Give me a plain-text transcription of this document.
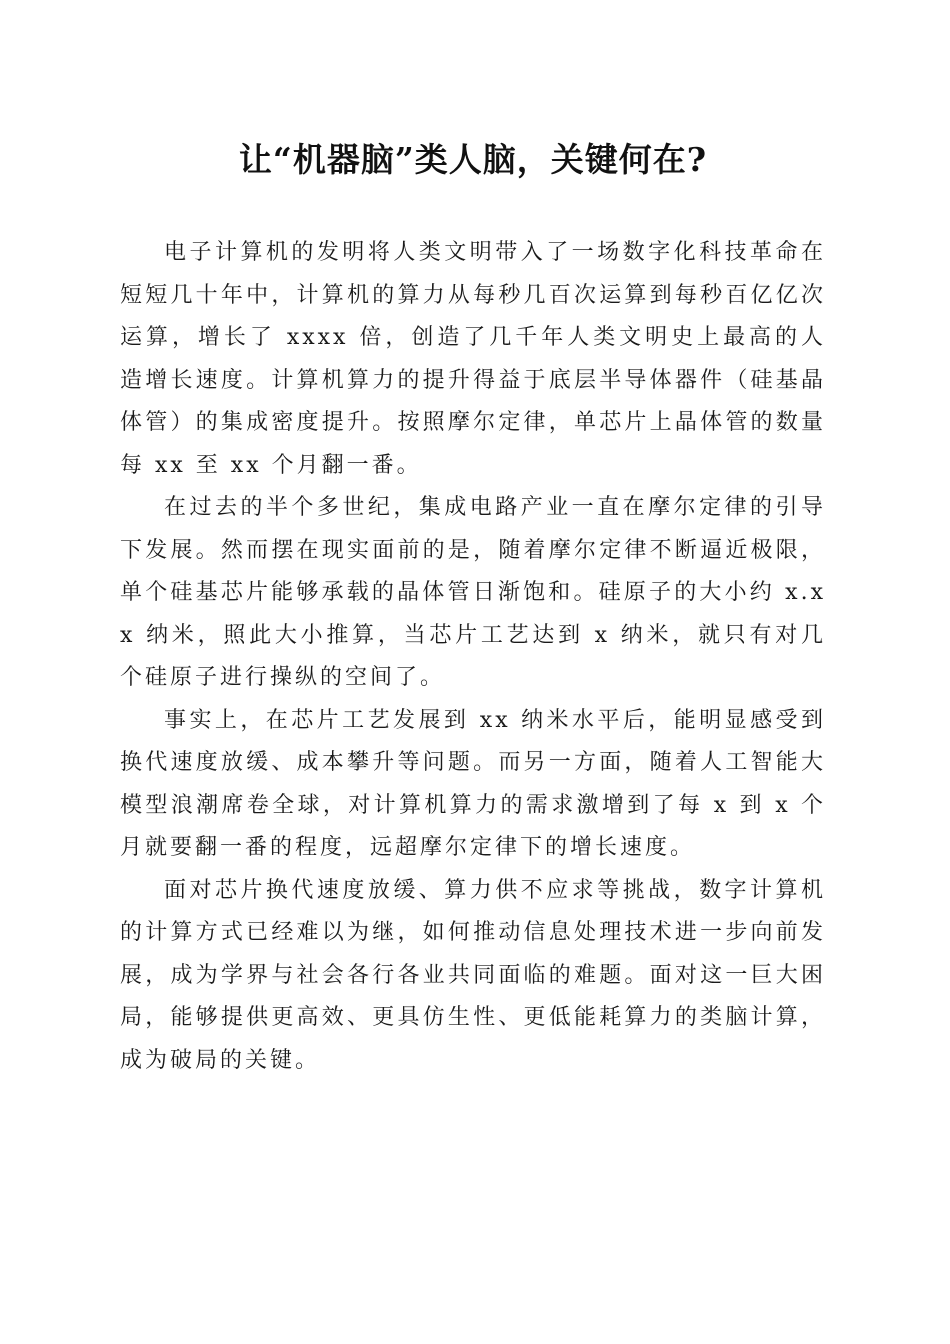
让“机器脑”类人脑，关键何在?

电子计算机的发明将人类文明带入了一场数字化科技革命在短短几十年中，计算机的算力从每秒几百次运算到每秒百亿亿次运算，增长了 xxxx 倍，创造了几千年人类文明史上最高的人造增长速度。计算机算力的提升得益于底层半导体器件（硅基晶体管）的集成密度提升。按照摩尔定律，单芯片上晶体管的数量每 xx 至 xx 个月翻一番。

在过去的半个多世纪，集成电路产业一直在摩尔定律的引导下发展。然而摆在现实面前的是，随着摩尔定律不断逼近极限，单个硅基芯片能够承载的晶体管日渐饱和。硅原子的大小约 x.xx 纳米，照此大小推算，当芯片工艺达到 x 纳米，就只有对几个硅原子进行操纵的空间了。

事实上，在芯片工艺发展到 xx 纳米水平后，能明显感受到换代速度放缓、成本攀升等问题。而另一方面，随着人工智能大模型浪潮席卷全球，对计算机算力的需求激增到了每 x 到 x 个月就要翻一番的程度，远超摩尔定律下的增长速度。

面对芯片换代速度放缓、算力供不应求等挑战，数字计算机的计算方式已经难以为继，如何推动信息处理技术进一步向前发展，成为学界与社会各行各业共同面临的难题。面对这一巨大困局，能够提供更高效、更具仿生性、更低能耗算力的类脑计算，成为破局的关键。
